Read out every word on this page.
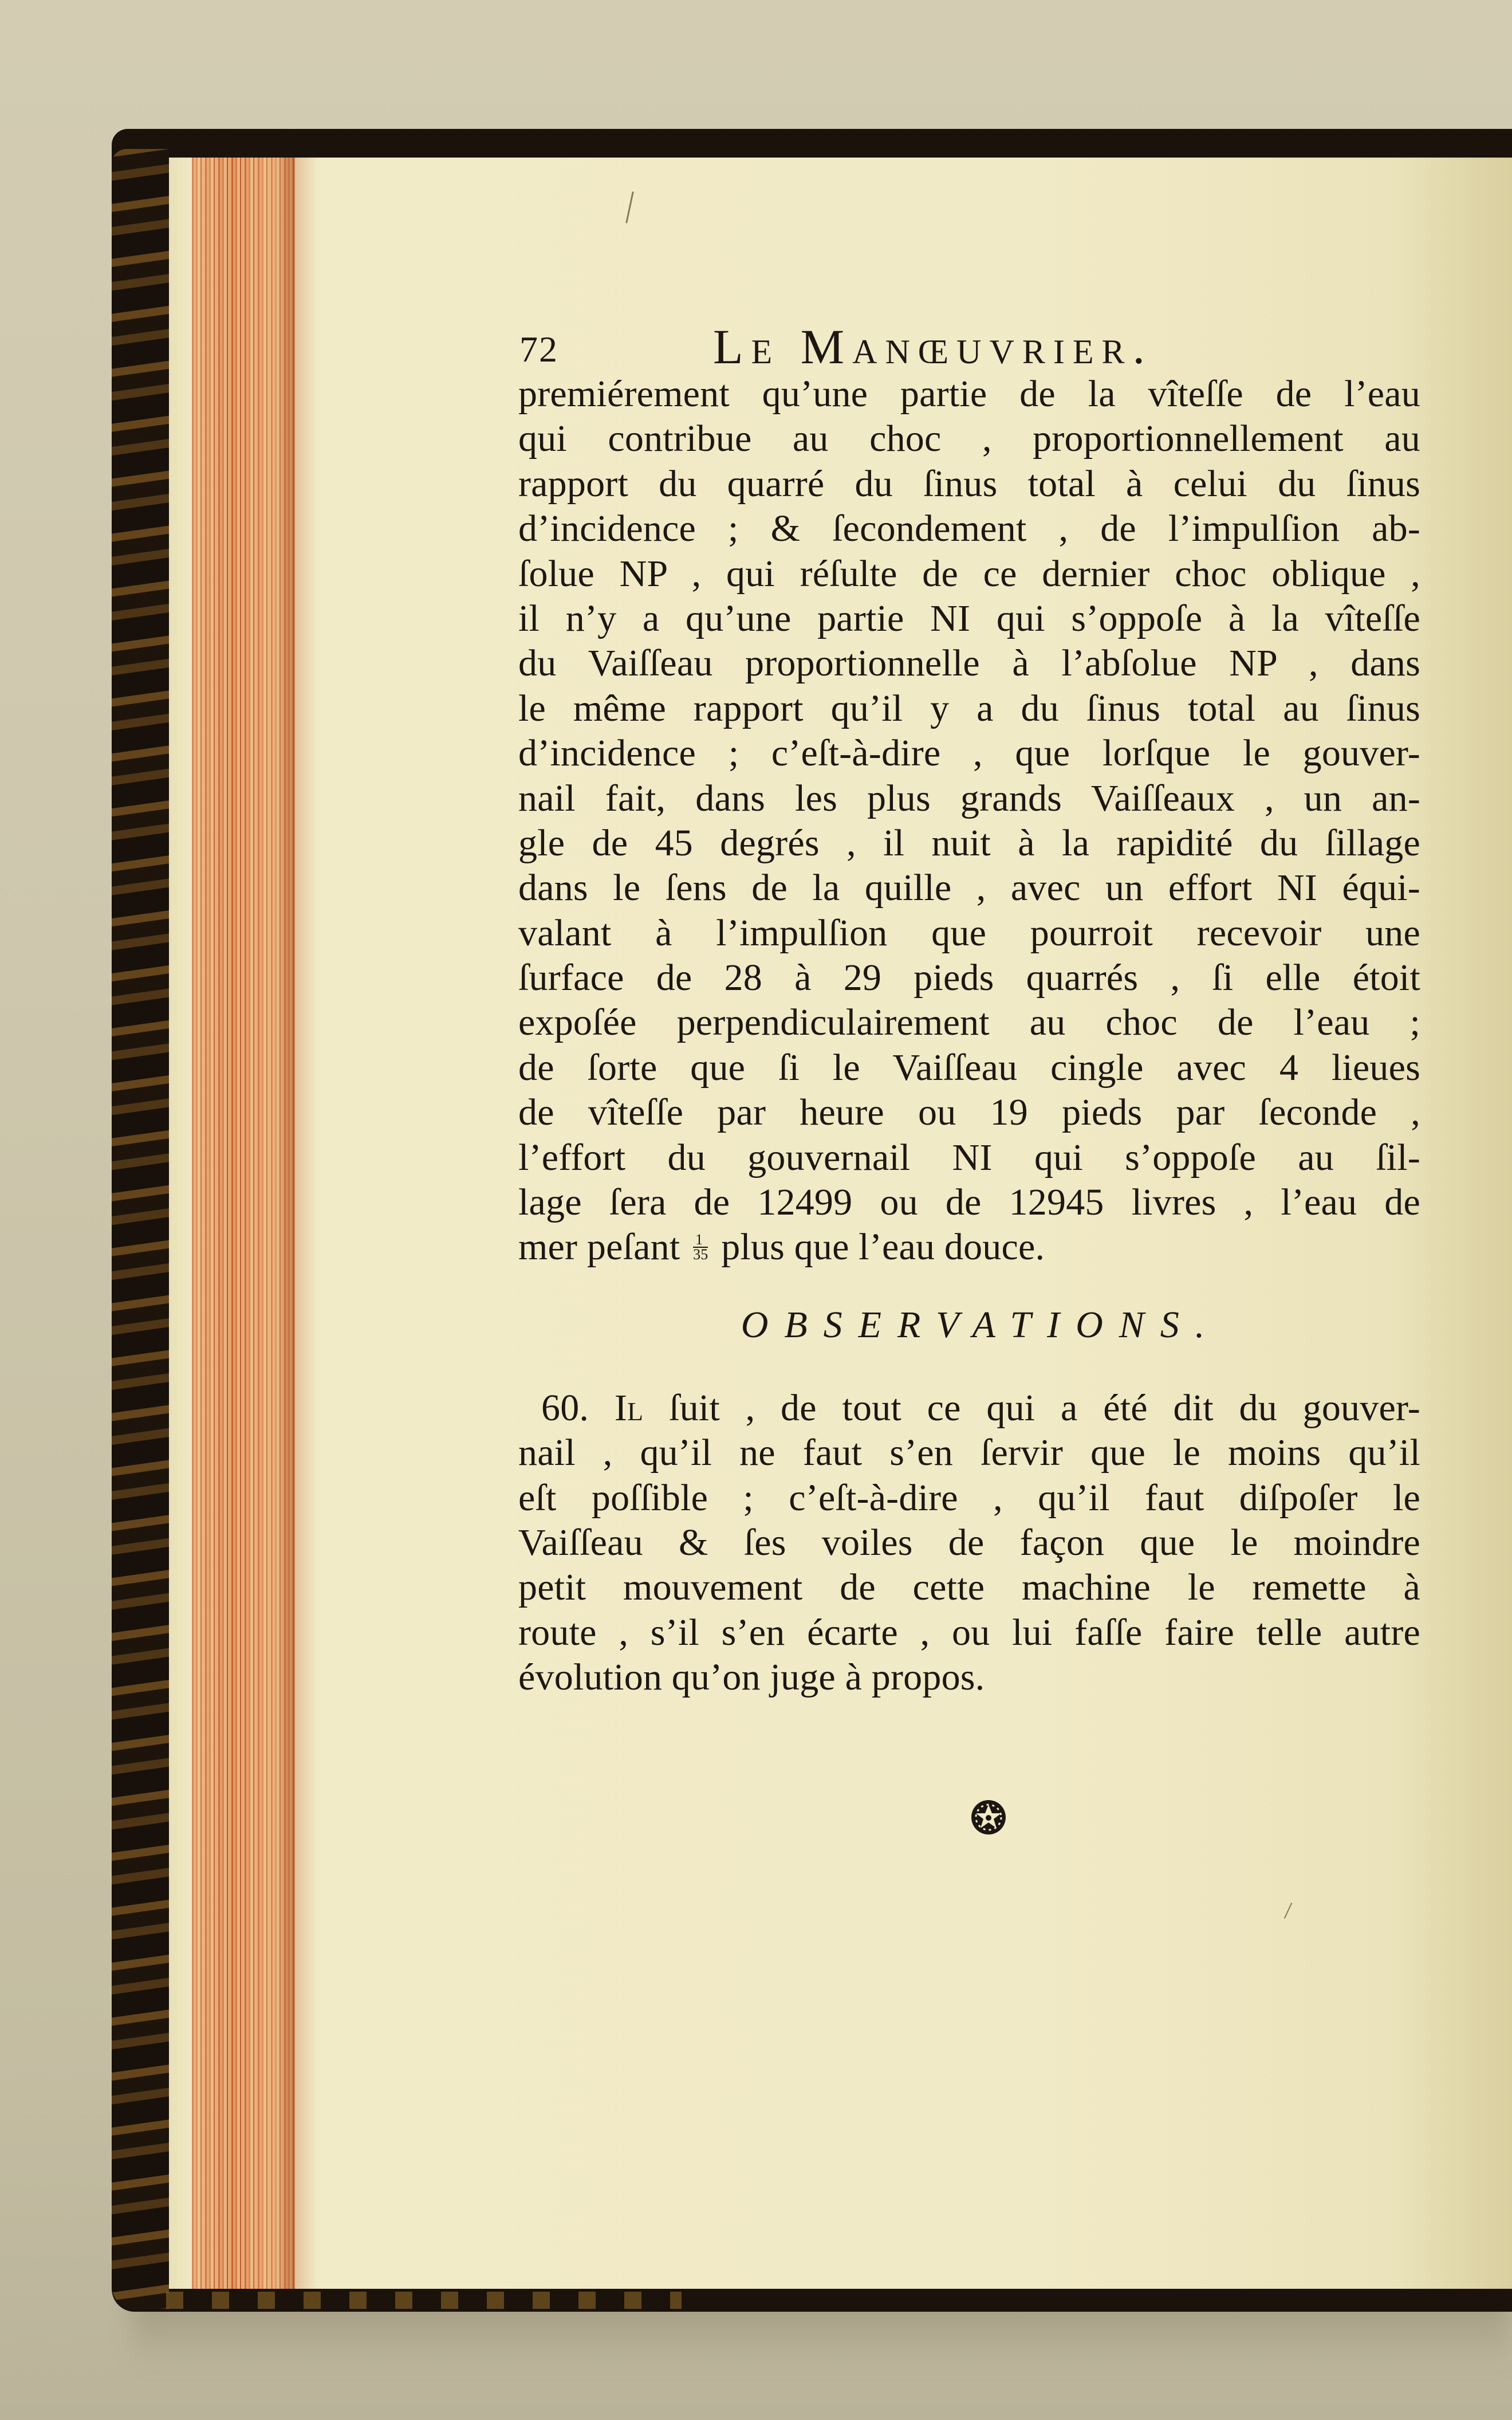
72	Le Manœuvrier.
premiérement qu’une partie de la vîteſſe de l’eau
qui contribue au choc , proportionnellement au
rapport du quarré du ſinus total à celui du ſinus
d’incidence ; & ſecondement , de l’impulſion ab-
ſolue NP , qui réſulte de ce dernier choc oblique ,
il n’y a qu’une partie NI qui s’oppoſe à la vîteſſe
du Vaiſſeau proportionnelle à l’abſolue NP , dans
le même rapport qu’il y a du ſinus total au ſinus
d’incidence ; c’eſt-à-dire , que lorſque le gouver-
nail fait, dans les plus grands Vaiſſeaux , un an-
gle de 45 degrés , il nuit à la rapidité du ſillage
dans le ſens de la quille , avec un effort NI équi-
valant à l’impulſion que pourroit recevoir une
ſurface de 28 à 29 pieds quarrés , ſi elle étoit
expoſée perpendiculairement au choc de l’eau ;
de ſorte que ſi le Vaiſſeau cingle avec 4 lieues
de vîteſſe par heure ou 19 pieds par ſeconde ,
l’effort du gouvernail NI qui s’oppoſe au ſil-
lage ſera de 12499 ou de 12945 livres , l’eau de
mer peſant $\frac{1}{35}$ plus que l’eau douce.
OBSERVATIONS.
60. Il ſuit , de tout ce qui a été dit du gouver-
nail , qu’il ne faut s’en ſervir que le moins qu’il
eſt poſſible ; c’eſt-à-dire , qu’il faut diſpoſer le
Vaiſſeau & ſes voiles de façon que le moindre
petit mouvement de cette machine le remette à
route , s’il s’en écarte , ou lui faſſe faire telle autre
évolution qu’on juge à propos.
